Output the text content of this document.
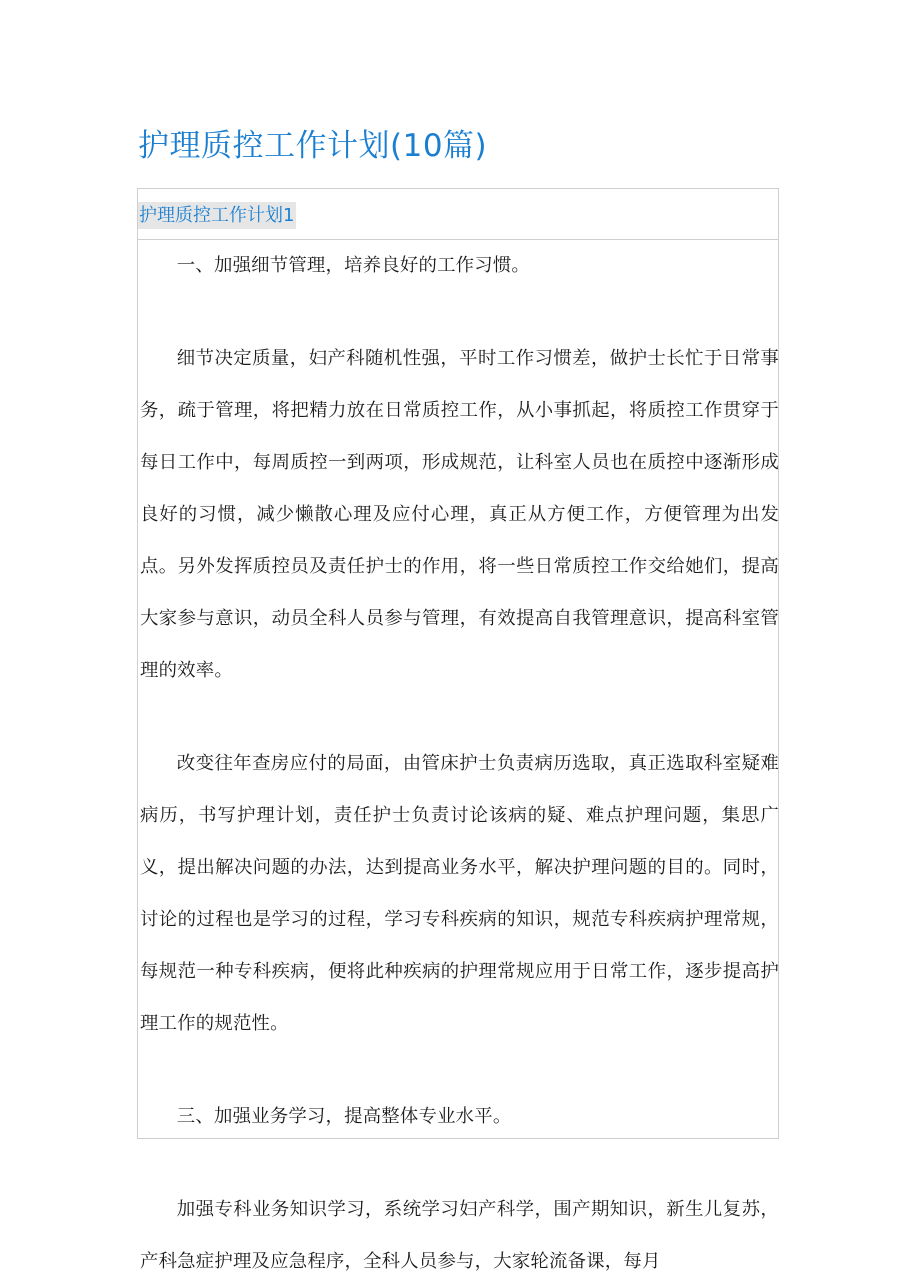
护理质控工作计划(10篇)
护理质控工作计划1

一、加强细节管理，培养良好的工作习惯。

细节决定质量，妇产科随机性强，平时工作习惯差，做护士长忙于日常事务，疏于管理，将把精力放在日常质控工作，从小事抓起，将质控工作贯穿于每日工作中，每周质控一到两项，形成规范，让科室人员也在质控中逐渐形成良好的习惯，减少懒散心理及应付心理，真正从方便工作，方便管理为出发点。另外发挥质控员及责任护士的作用，将一些日常质控工作交给她们，提高大家参与意识，动员全科人员参与管理，有效提高自我管理意识，提高科室管理的效率。

改变往年查房应付的局面，由管床护士负责病历选取，真正选取科室疑难病历，书写护理计划，责任护士负责讨论该病的疑、难点护理问题，集思广义，提出解决问题的办法，达到提高业务水平，解决护理问题的目的。同时，讨论的过程也是学习的过程，学习专科疾病的知识，规范专科疾病护理常规，每规范一种专科疾病，便将此种疾病的护理常规应用于日常工作，逐步提高护理工作的规范性。

三、加强业务学习，提高整体专业水平。

加强专科业务知识学习，系统学习妇产科学，围产期知识，新生儿复苏，产科急症护理及应急程序，全科人员参与，大家轮流备课，每月
